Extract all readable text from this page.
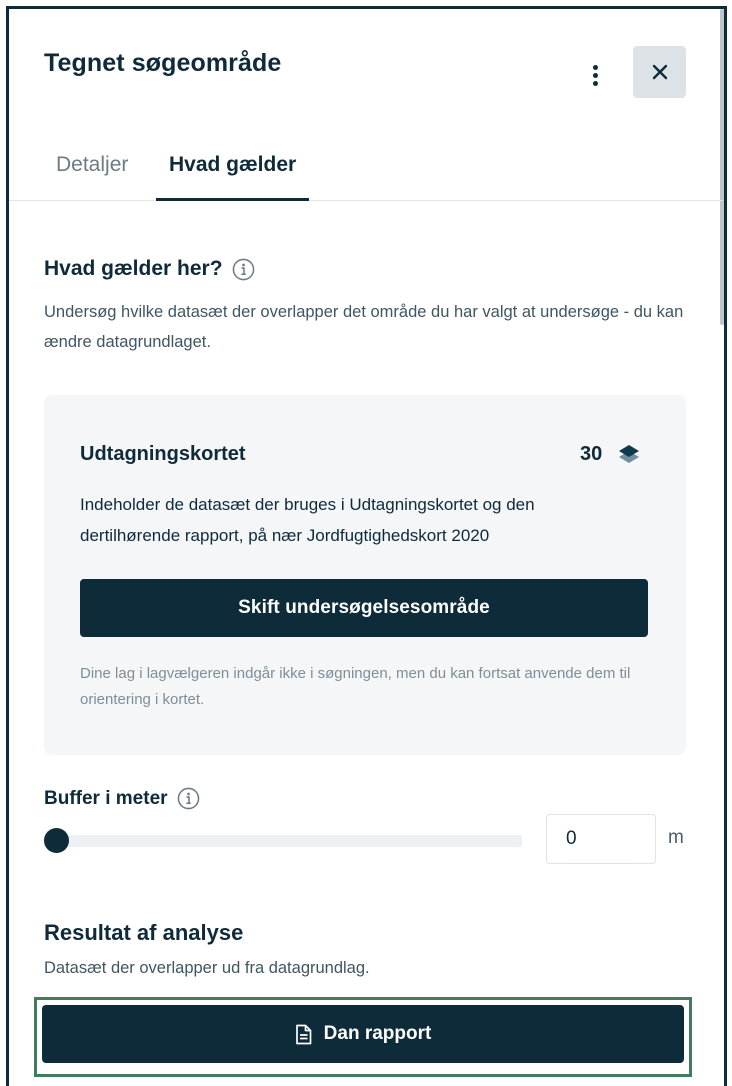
Tegnet søgeområde
Detaljer	Hvad gælder
Hvad gælder her?
Undersøg hvilke datasæt der overlapper det område du har valgt at undersøge - du kan ændre datagrundlaget.
Udtagningskortet	30
Indeholder de datasæt der bruges i Udtagningskortet og den dertilhørende rapport, på nær Jordfugtighedskort 2020
Skift undersøgelsesområde
Dine lag i lagvælgeren indgår ikke i søgningen, men du kan fortsat anvende dem til orientering i kortet.
Buffer i meter
0
m
Resultat af analyse
Datasæt der overlapper ud fra datagrundlag.
Dan rapport
